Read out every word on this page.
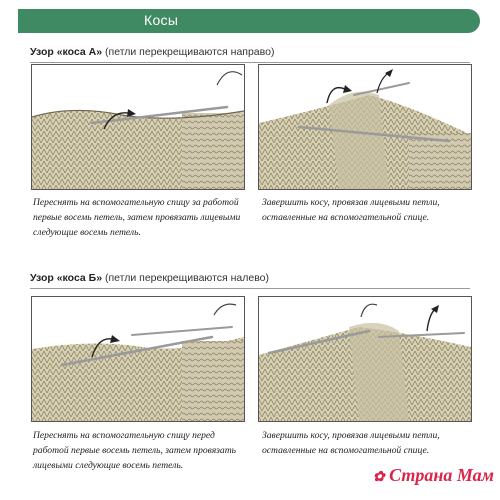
Косы
Узор «коса А» (петли перекрещиваются направо)
Переснять на вспомогательную спицу за работой первые восемь петель, затем провязать лицевыми следующие восемь петель.
Завершить косу, провязав лицевыми петли, оставленные на вспомогательной спице.
Узор «коса Б» (петли перекрещиваются налево)
Переснять на вспомогательную спицу перед работой первые восемь петель, затем провязать лицевыми следующие восемь петель.
Завершить косу, провязав лицевыми петли, оставленные на вспомогательной спице.
✿ Страна Мам
